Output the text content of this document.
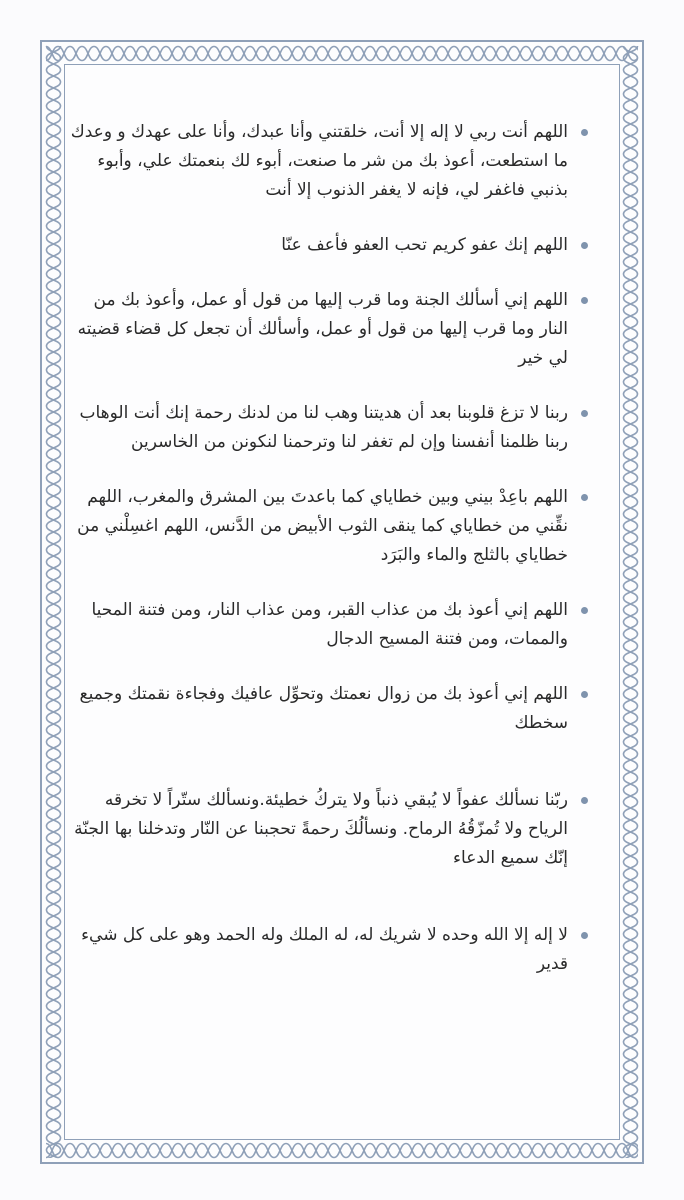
اللهم أنت ربي لا إله إلا أنت، خلقتني وأنا عبدك، وأنا على عهدك و وعدك ما استطعت، أعوذ بك من شر ما صنعت، أبوء لك بنعمتك علي، وأبوء بذنبي فاغفر لي، فإنه لا يغفر الذنوب إلا أنت
اللهم إنك عفو كريم تحب العفو فأعف عنّا
اللهم إني أسألك الجنة وما قرب إليها من قول أو عمل، وأعوذ بك من النار وما قرب إليها من قول أو عمل، وأسألك أن تجعل كل قضاء قضيته لي خير
ربنا لا تزغ قلوبنا بعد أن هديتنا وهب لنا من لدنك رحمة إنك أنت الوهاب ربنا ظلمنا أنفسنا وإن لم تغفر لنا وترحمنا لنكونن من الخاسرين
اللهم باعِدْ بيني وبين خطاياي كما باعدتَ بين المشرق والمغرب، اللهم نقِّني من خطاياي كما ينقى الثوب الأبيض من الدَّنس، اللهم اغسِلْني من خطاياي بالثلج والماء والبَرَد
اللهم إني أعوذ بك من عذاب القبر، ومن عذاب النار، ومن فتنة المحيا والممات، ومن فتنة المسيح الدجال
اللهم إني أعوذ بك من زوال نعمتك وتحوِّل عافيك وفجاءة نقمتك وجميع سخطك
ربّنا نسألك عفواً لا يُبقي ذنباً ولا يتركُ خطيئة.ونسألك ستّراً لا تخرقه الرياح ولا تُمزّقُهُ الرماح. ونسألُكَ رحمةً تحجبنا عن النّار وتدخلنا بها الجنّة إنّك سميع الدعاء
لا إله إلا الله وحده لا شريك له، له الملك وله الحمد وهو على كل شيء قدير
